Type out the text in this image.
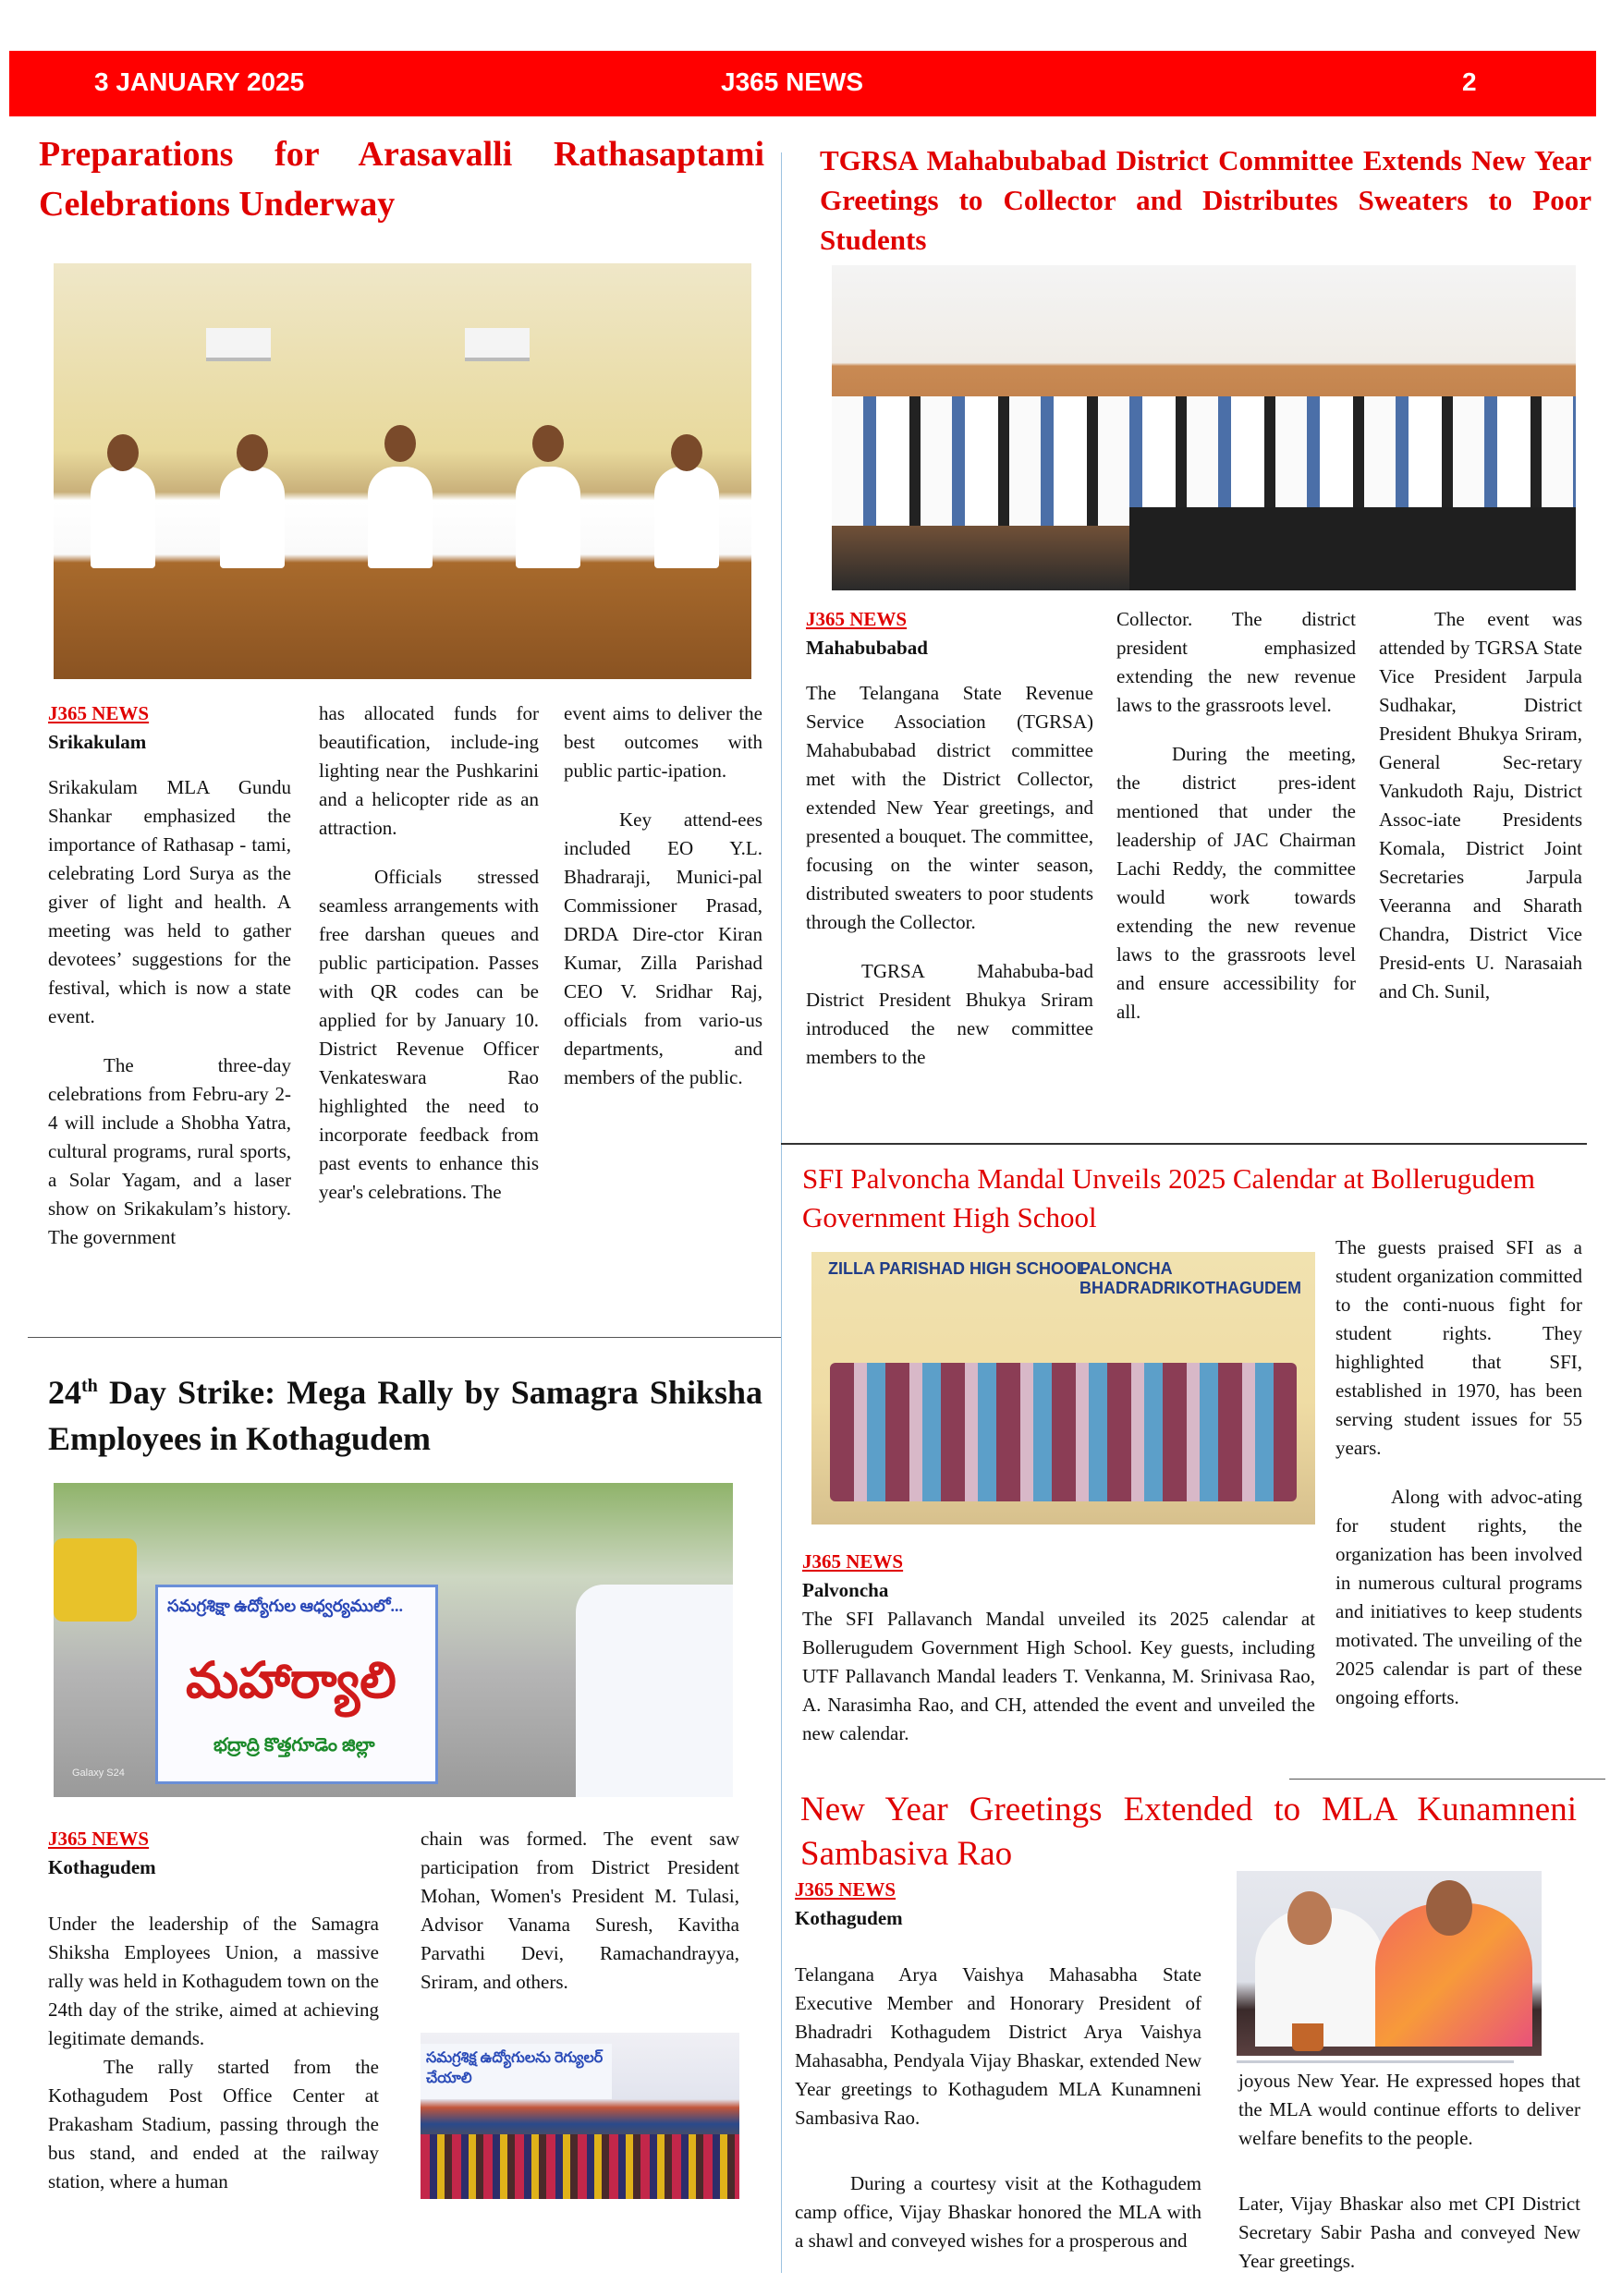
3 JANUARY 2025	J365 NEWS	2
Preparations for Arasavalli Rathasaptami Celebrations Underway
J365 NEWS
Srikakulam

Srikakulam MLA Gundu Shankar emphasized the importance of Rathasap - tami, celebrating Lord Surya as the giver of light and health. A meeting was held to gather devotees’ suggestions for the festival, which is now a state event.

The three-day celebrations from Febru-ary 2-4 will include a Shobha Yatra, cultural programs, rural sports, a Solar Yagam, and a laser show on Srikakulam’s history. The government

has allocated funds for beautification, include-ing lighting near the Pushkarini and a helicopter ride as an attraction.

Officials stressed seamless arrangements with free darshan queues and public participation. Passes with QR codes can be applied for by January 10. District Revenue Officer Venkateswara Rao highlighted the need to incorporate feedback from past events to enhance this year's celebrations. The

event aims to deliver the best outcomes with public partic-ipation.

Key attend-ees included EO Y.L. Bhadraraji, Munici-pal Commissioner Prasad, DRDA Dire-ctor Kiran Kumar, Zilla Parishad CEO V. Sridhar Raj, officials from vario-us departments, and members of the public.

TGRSA Mahabubabad District Committee Extends New Year Greetings to Collector and Distributes Sweaters to Poor Students
J365 NEWS
Mahabubabad

The Telangana State Revenue Service Association (TGRSA) Mahabubabad district committee met with the District Collector, extended New Year greetings, and presented a bouquet. The committee, focusing on the winter season, distributed sweaters to poor students through the Collector.

TGRSA Mahabuba-bad District President Bhukya Sriram introduced the new committee members to the

Collector. The district president emphasized extending the new revenue laws to the grassroots level.

During the meeting, the district pres-ident mentioned that under the leadership of JAC Chairman Lachi Reddy, the committee would work towards extending the new revenue laws to the grassroots level and ensure accessibility for all.

The event was attended by TGRSA State Vice President Jarpula Sudhakar, District President Bhukya Sriram, General Sec-retary Vankudoth Raju, District Assoc-iate Presidents Komala, District Joint Secretaries Jarpula Veeranna and Sharath Chandra, District Vice Presid-ents U. Narasaiah and Ch. Sunil,

SFI Palvoncha Mandal Unveils 2025 Calendar at Bollerugudem Government High School
ZILLA PARISHAD HIGH SCHOOL
PALONCHA BHADRADRIKOTHAGUDEM

The guests praised SFI as a student organization committed to the conti-nuous fight for student rights. They highlighted that SFI, established in 1970, has been serving student issues for 55 years.

Along with advoc-ating for student rights, the organization has been involved in numerous cultural programs and initiatives to keep students motivated. The unveiling of the 2025 calendar is part of these ongoing efforts.

J365 NEWS
Palvoncha

The SFI Pallavanch Mandal unveiled its 2025 calendar at Bollerugudem Government High School. Key guests, including UTF Pallavanch Mandal leaders T. Venkanna, M. Srinivasa Rao, A. Narasimha Rao, and CH, attended the event and unveiled the new calendar.

24th Day Strike: Mega Rally by Samagra Shiksha Employees in Kothagudem
సమగ్రశిక్షా ఉద్యోగుల ఆధ్వర్యములో...
మహార్యాలి
భద్రాద్రి కొత్తగూడెం జిల్లా
Galaxy S24
J365 NEWS
Kothagudem

Under the leadership of the Samagra Shiksha Employees Union, a massive rally was held in Kothagudem town on the 24th day of the strike, aimed at achieving legitimate demands.

The rally started from the Kothagudem Post Office Center at Prakasham Stadium, passing through the bus stand, and ended at the railway station, where a human

chain was formed. The event saw participation from District President Mohan, Women's President M. Tulasi, Advisor Vanama Suresh, Kavitha Parvathi Devi, Ramachandrayya, Sriram, and others.

సమగ్రశిక్ష ఉద్యోగులను రెగ్యులర్ చేయాలి
New Year Greetings Extended to MLA Kunamneni Sambasiva Rao
J365 NEWS
Kothagudem

Telangana Arya Vaishya Mahasabha State Executive Member and Honorary President of Bhadradri Kothagudem District Arya Vaishya Mahasabha, Pendyala Vijay Bhaskar, extended New Year greetings to Kothagudem MLA Kunamneni Sambasiva Rao.

During a courtesy visit at the Kothagudem camp office, Vijay Bhaskar honored the MLA with a shawl and conveyed wishes for a prosperous and

joyous New Year. He expressed hopes that the MLA would continue efforts to deliver welfare benefits to the people.

Later, Vijay Bhaskar also met CPI District Secretary Sabir Pasha and conveyed New Year greetings.
